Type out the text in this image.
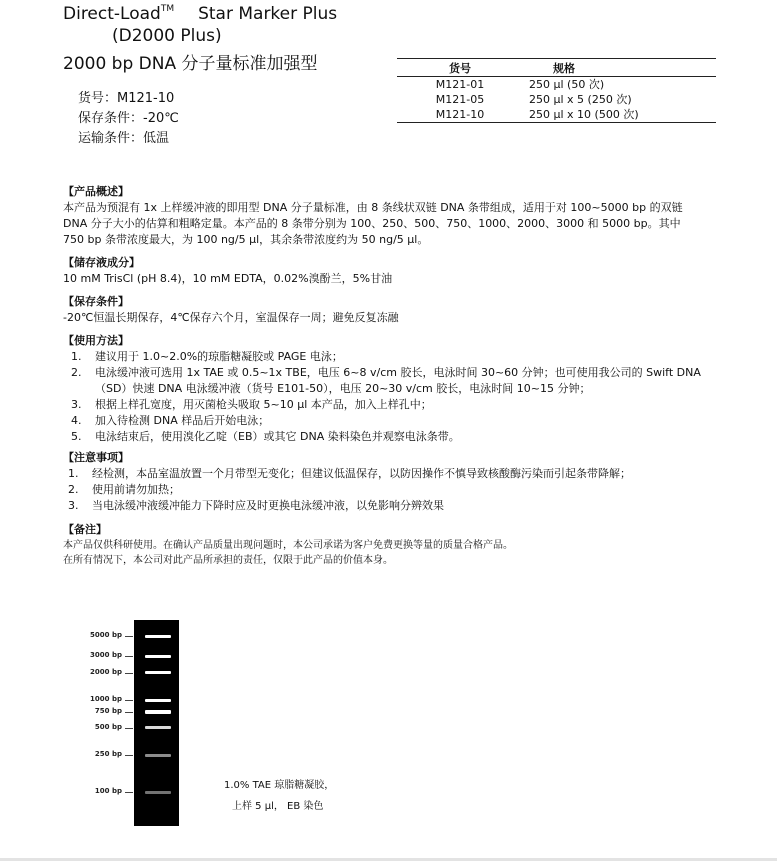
Direct-Load™ Star Marker Plus
(D2000 Plus)
2000 bp DNA 分子量标准加强型	货号	规格
M121-01	250 µl (50 次)
M121-05	250 µl x 5 (250 次)
M121-10	250 µl x 10 (500 次)
货号：M121-10
保存条件：-20℃
运输条件：低温
【产品概述】
本产品为预混有 1x 上样缓冲液的即用型 DNA 分子量标准，由 8 条线状双链 DNA 条带组成，适用于对 100~5000 bp 的双链
DNA 分子大小的估算和粗略定量。本产品的 8 条带分别为 100、250、500、750、1000、2000、3000 和 5000 bp。其中
750 bp 条带浓度最大，为 100 ng/5 µl，其余条带浓度约为 50 ng/5 µl。
【储存液成分】
10 mM TrisCl (pH 8.4)，10 mM EDTA，0.02%溴酚兰，5%甘油
【保存条件】
-20℃恒温长期保存，4℃保存六个月，室温保存一周；避免反复冻融
【使用方法】
1.	建议用于 1.0~2.0%的琼脂糖凝胶或 PAGE 电泳；
2.	电泳缓冲液可选用 1x TAE 或 0.5~1x TBE，电压 6~8 v/cm 胶长，电泳时间 30~60 分钟；也可使用我公司的 Swift DNA
（SD）快速 DNA 电泳缓冲液（货号 E101-50），电压 20~30 v/cm 胶长，电泳时间 10~15 分钟；
3.	根据上样孔宽度，用灭菌枪头吸取 5~10 µl 本产品，加入上样孔中；
4.	加入待检测 DNA 样品后开始电泳；
5.	电泳结束后，使用溴化乙啶（EB）或其它 DNA 染料染色并观察电泳条带。
【注意事项】
1.	经检测，本品室温放置一个月带型无变化；但建议低温保存，以防因操作不慎导致核酸酶污染而引起条带降解；
2.	使用前请勿加热；
3.	当电泳缓冲液缓冲能力下降时应及时更换电泳缓冲液，以免影响分辨效果
【备注】
本产品仅供科研使用。在确认产品质量出现问题时，本公司承诺为客户免费更换等量的质量合格产品。
在所有情况下，本公司对此产品所承担的责任，仅限于此产品的价值本身。
5000 bp
3000 bp
2000 bp
1000 bp
750 bp
500 bp
250 bp
100 bp	1.0% TAE 琼脂糖凝胶，
上样 5 µl， EB 染色
